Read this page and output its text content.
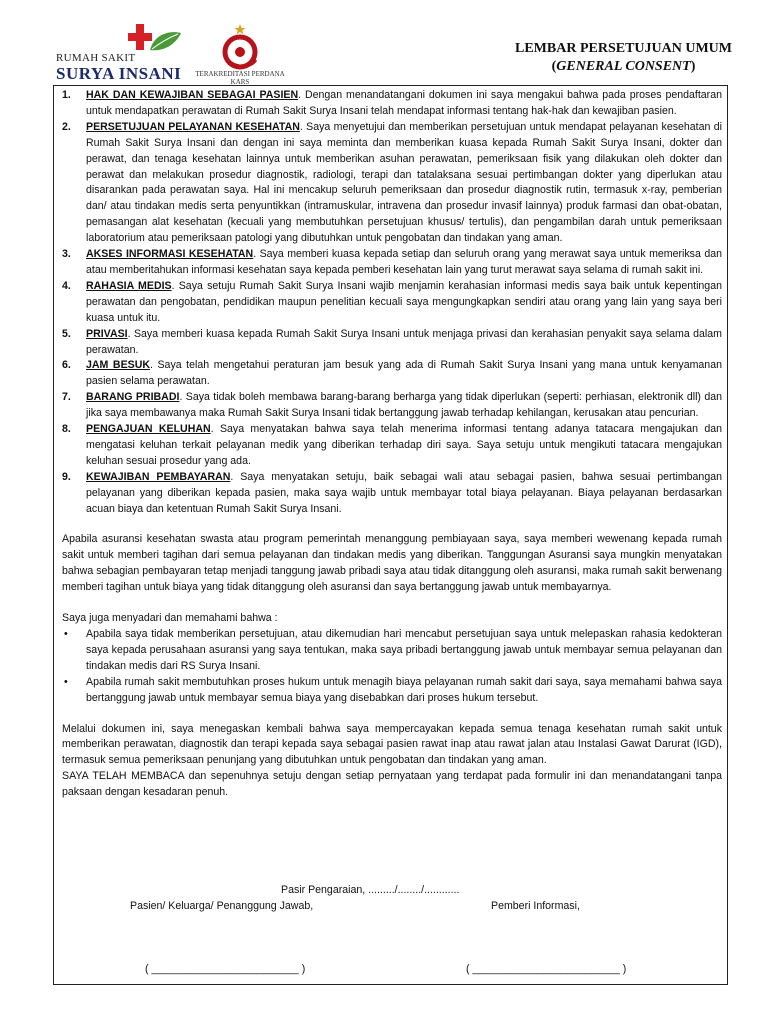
RUMAH SAKIT
SURYA INSANI TERAKREDITASI PERDANA
KARS
LEMBAR PERSETUJUAN UMUM
(GENERAL CONSENT)
1. HAK DAN KEWAJIBAN SEBAGAI PASIEN. Dengan menandatangani dokumen ini saya mengakui bahwa pada proses pendaftaran untuk mendapatkan perawatan di Rumah Sakit Surya Insani telah mendapat informasi tentang hak-hak dan kewajiban pasien.
2. PERSETUJUAN PELAYANAN KESEHATAN. Saya menyetujui dan memberikan persetujuan untuk mendapat pelayanan kesehatan di Rumah Sakit Surya Insani dan dengan ini saya meminta dan memberikan kuasa kepada Rumah Sakit Surya Insani, dokter dan perawat, dan tenaga kesehatan lainnya untuk memberikan asuhan perawatan, pemeriksaan fisik yang dilakukan oleh dokter dan perawat dan melakukan prosedur diagnostik, radiologi, terapi dan tatalaksana sesuai pertimbangan dokter yang diperlukan atau disarankan pada perawatan saya. Hal ini mencakup seluruh pemeriksaan dan prosedur diagnostik rutin, termasuk x-ray, pemberian dan/ atau tindakan medis serta penyuntikkan (intramuskular, intravena dan prosedur invasif lainnya) produk farmasi dan obat-obatan, pemasangan alat kesehatan (kecuali yang membutuhkan persetujuan khusus/ tertulis), dan pengambilan darah untuk pemeriksaan laboratorium atau pemeriksaan patologi yang dibutuhkan untuk pengobatan dan tindakan yang aman.
3. AKSES INFORMASI KESEHATAN. Saya memberi kuasa kepada setiap dan seluruh orang yang merawat saya untuk memeriksa dan atau memberitahukan informasi kesehatan saya kepada pemberi kesehatan lain yang turut merawat saya selama di rumah sakit ini.
4. RAHASIA MEDIS. Saya setuju Rumah Sakit Surya Insani wajib menjamin kerahasian informasi medis saya baik untuk kepentingan perawatan dan pengobatan, pendidikan maupun penelitian kecuali saya mengungkapkan sendiri atau orang yang lain yang saya beri kuasa untuk itu.
5. PRIVASI. Saya memberi kuasa kepada Rumah Sakit Surya Insani untuk menjaga privasi dan kerahasian penyakit saya selama dalam perawatan.
6. JAM BESUK. Saya telah mengetahui peraturan jam besuk yang ada di Rumah Sakit Surya Insani yang mana untuk kenyamanan pasien selama perawatan.
7. BARANG PRIBADI. Saya tidak boleh membawa barang-barang berharga yang tidak diperlukan (seperti: perhiasan, elektronik dll) dan jika saya membawanya maka Rumah Sakit Surya Insani tidak bertanggung jawab terhadap kehilangan, kerusakan atau pencurian.
8. PENGAJUAN KELUHAN. Saya menyatakan bahwa saya telah menerima informasi tentang adanya tatacara mengajukan dan mengatasi keluhan terkait pelayanan medik yang diberikan terhadap diri saya. Saya setuju untuk mengikuti tatacara mengajukan keluhan sesuai prosedur yang ada.
9. KEWAJIBAN PEMBAYARAN. Saya menyatakan setuju, baik sebagai wali atau sebagai pasien, bahwa sesuai pertimbangan pelayanan yang diberikan kepada pasien, maka saya wajib untuk membayar total biaya pelayanan. Biaya pelayanan berdasarkan acuan biaya dan ketentuan Rumah Sakit Surya Insani.

Apabila asuransi kesehatan swasta atau program pemerintah menanggung pembiayaan saya, saya memberi wewenang kepada rumah sakit untuk memberi tagihan dari semua pelayanan dan tindakan medis yang diberikan. Tanggungan Asuransi saya mungkin menyatakan bahwa sebagian pembayaran tetap menjadi tanggung jawab pribadi saya atau tidak ditanggung oleh asuransi, maka rumah sakit berwenang memberi tagihan untuk biaya yang tidak ditanggung oleh asuransi dan saya bertanggung jawab untuk membayarnya.

Saya juga menyadari dan memahami bahwa :

• Apabila saya tidak memberikan persetujuan, atau dikemudian hari mencabut persetujuan saya untuk melepaskan rahasia kedokteran saya kepada perusahaan asuransi yang saya tentukan, maka saya pribadi bertanggung jawab untuk membayar semua pelayanan dan tindakan medis dari RS Surya Insani.
• Apabila rumah sakit membutuhkan proses hukum untuk menagih biaya pelayanan rumah sakit dari saya, saya memahami bahwa saya bertanggung jawab untuk membayar semua biaya yang disebabkan dari proses hukum tersebut.

Melalui dokumen ini, saya menegaskan kembali bahwa saya mempercayakan kepada semua tenaga kesehatan rumah sakit untuk memberikan perawatan, diagnostik dan terapi kepada saya sebagai pasien rawat inap atau rawat jalan atau Instalasi Gawat Darurat (IGD), termasuk semua pemeriksaan penunjang yang dibutuhkan untuk pengobatan dan tindakan yang aman.

SAYA TELAH MEMBACA dan sepenuhnya setuju dengan setiap pernyataan yang terdapat pada formulir ini dan menandatangani tanpa paksaan dengan kesadaran penuh.

Pasir Pengaraian, ........./......../............
Pasien/ Keluarga/ Penanggung Jawab,	Pemberi Informasi,
( _________________________ )	( _________________________ )
